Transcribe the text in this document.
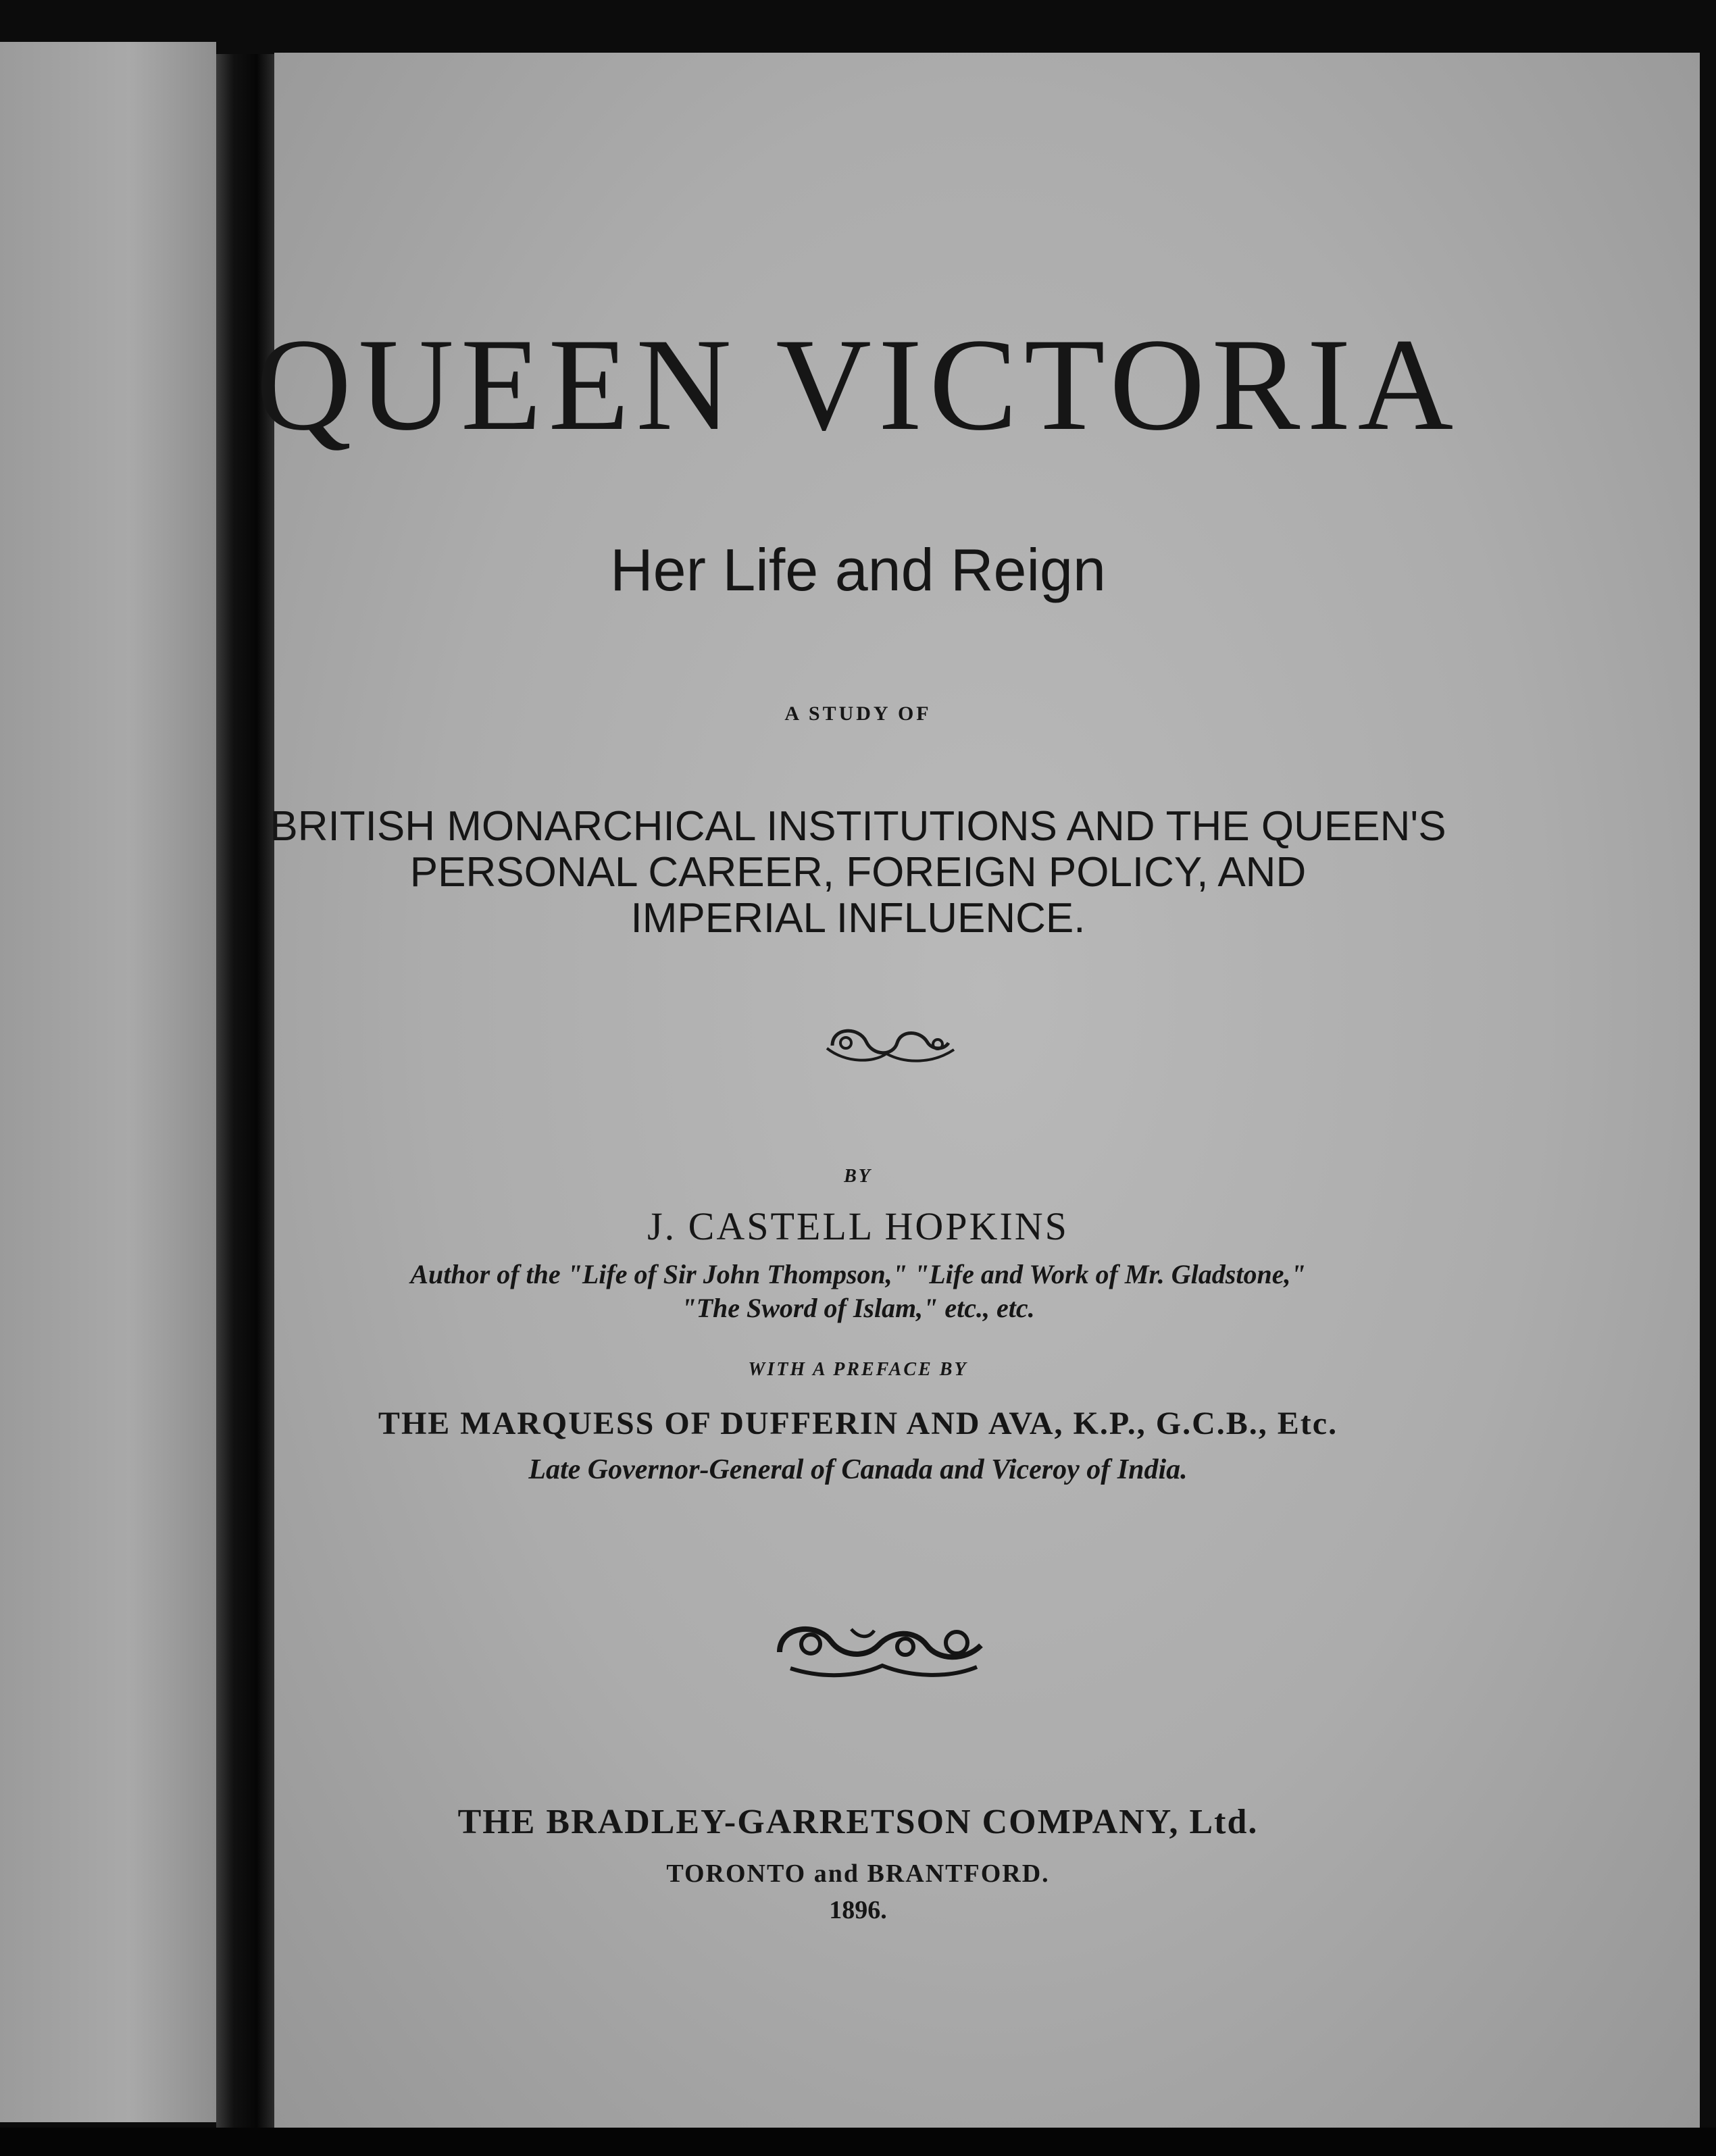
QUEEN VICTORIA
Her Life and Reign
A STUDY OF
BRITISH MONARCHICAL INSTITUTIONS AND THE QUEEN'S
PERSONAL CAREER, FOREIGN POLICY, AND
IMPERIAL INFLUENCE.
BY
J. CASTELL HOPKINS
Author of the "Life of Sir John Thompson," "Life and Work of Mr. Gladstone,"
"The Sword of Islam," etc., etc.
WITH A PREFACE BY
THE MARQUESS OF DUFFERIN AND AVA, K.P., G.C.B., Etc.
Late Governor-General of Canada and Viceroy of India.
THE BRADLEY-GARRETSON COMPANY, Ltd.
TORONTO and BRANTFORD.
1896.
